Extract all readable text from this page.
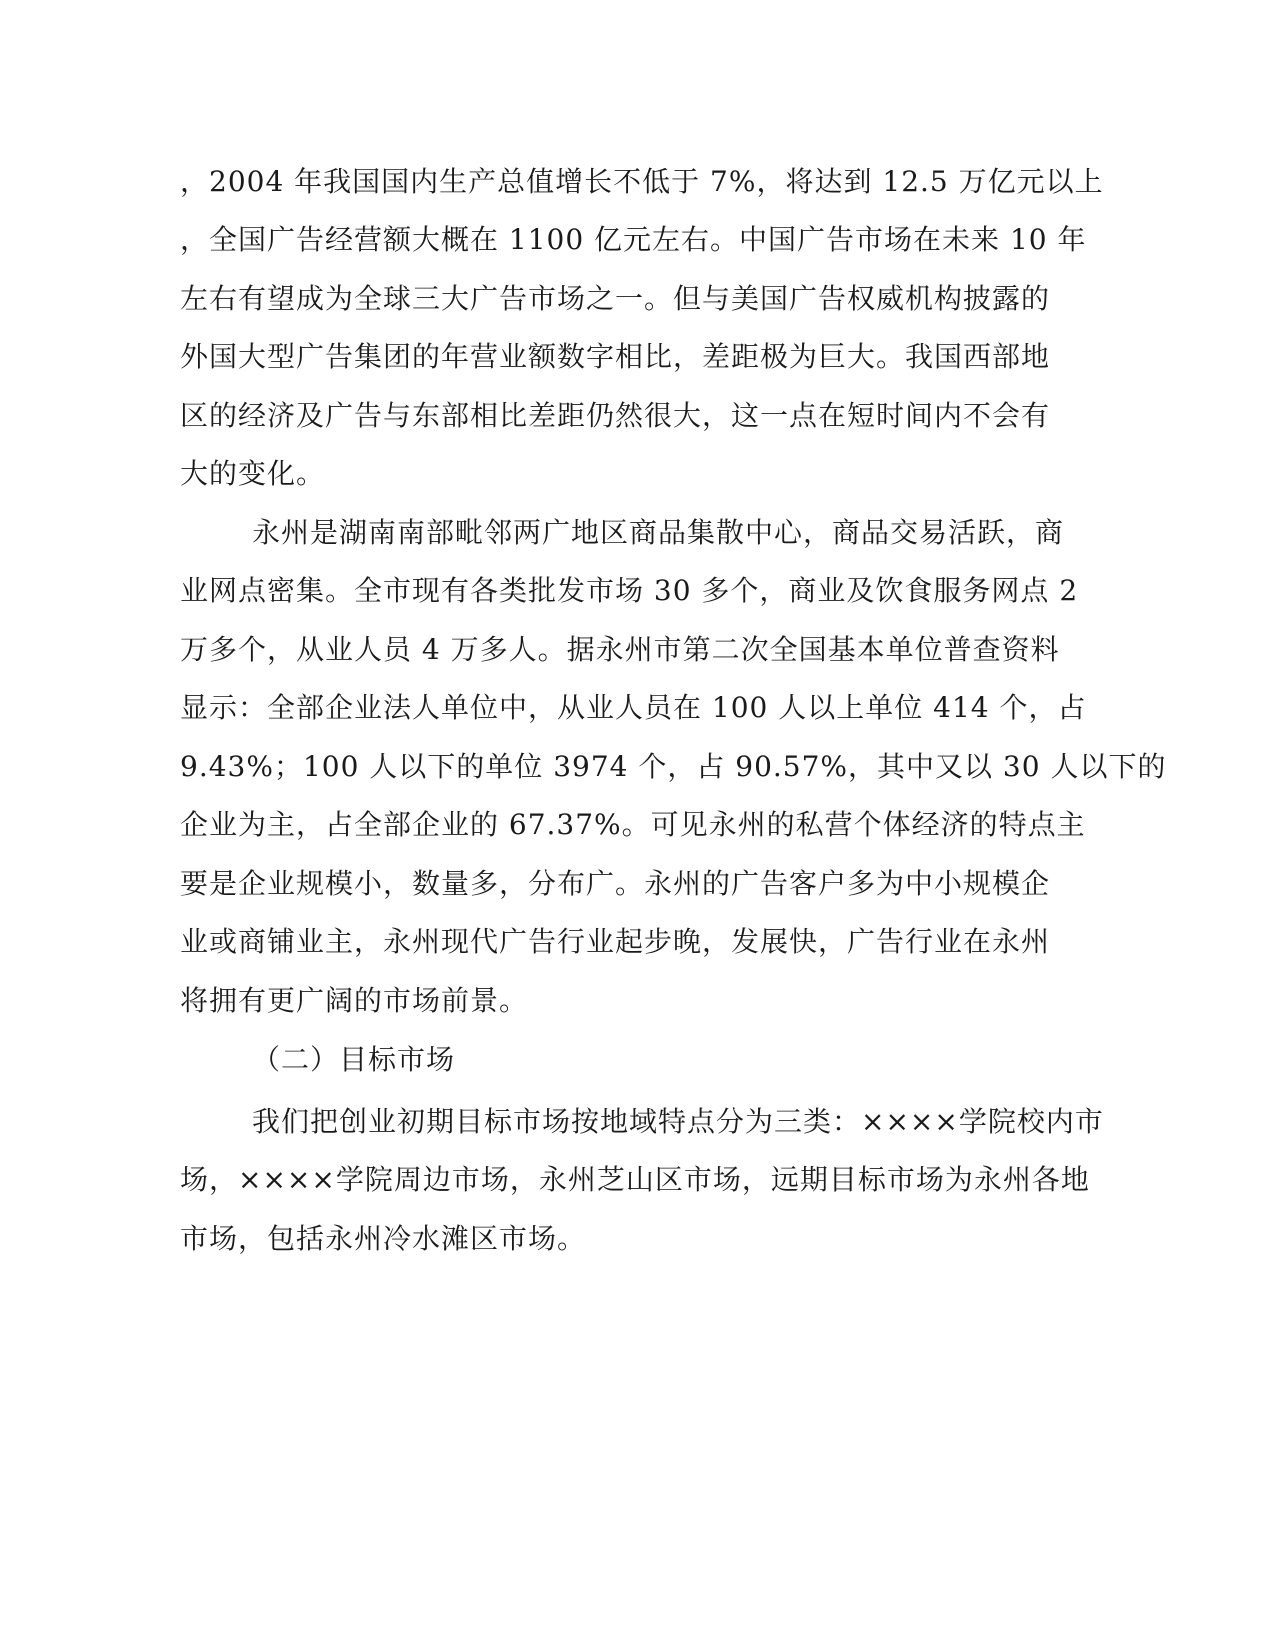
，2004 年我国国内生产总值增长不低于 7%，将达到 12.5 万亿元以上
，全国广告经营额大概在 1100 亿元左右。中国广告市场在未来 10 年
左右有望成为全球三大广告市场之一。但与美国广告权威机构披露的
外国大型广告集团的年营业额数字相比，差距极为巨大。我国西部地
区的经济及广告与东部相比差距仍然很大，这一点在短时间内不会有
大的变化。
永州是湖南南部毗邻两广地区商品集散中心，商品交易活跃，商
业网点密集。全市现有各类批发市场 30 多个，商业及饮食服务网点 2
万多个，从业人员 4 万多人。据永州市第二次全国基本单位普查资料
显示：全部企业法人单位中，从业人员在 100 人以上单位 414 个，占
9.43%；100 人以下的单位 3974 个，占 90.57%，其中又以 30 人以下的
企业为主，占全部企业的 67.37%。可见永州的私营个体经济的特点主
要是企业规模小，数量多，分布广。永州的广告客户多为中小规模企
业或商铺业主，永州现代广告行业起步晚，发展快，广告行业在永州
将拥有更广阔的市场前景。
（二）目标市场
我们把创业初期目标市场按地域特点分为三类：××××学院校内市
场，××××学院周边市场，永州芝山区市场，远期目标市场为永州各地
市场，包括永州冷水滩区市场。
